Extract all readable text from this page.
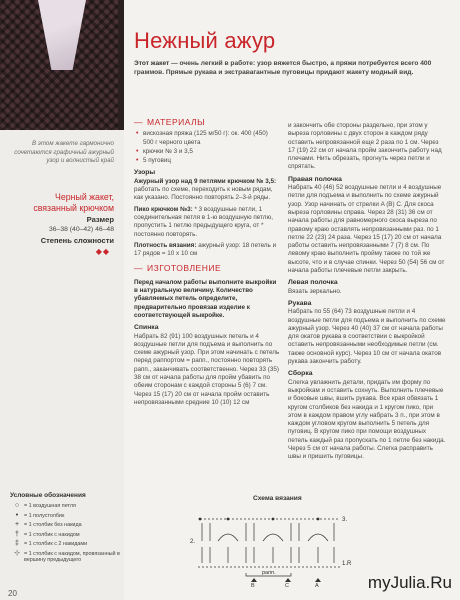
В этом жакете гармонично сочетаются графичный ажурный узор и волнистый край
Черный жакет, связанный крючком
Размер
36–38 (40–42) 46–48
Степень сложности
◆◆
Условные обозначения
○ = 1 воздушная петля
•	= 1 полустолбик
+ = 1 столбик без накида
† = 1 столбик с накидом
‡ = 1 столбик с 2 накидами
⊹ = 1 столбик с накидом, провязанный в вершину предыдущего
20
Нежный ажур
Этот жакет — очень легкий в работе: узор вяжется быстро, а пряжи потребуется всего 400 граммов. Прямые рукава и экстравагантные пуговицы придают жакету модный вид.
— МАТЕРИАЛЫ
• вискозная пряжа (125 м/50 г): ок. 400 (450) 500 г черного цвета
• крючки № 3 и 3,5
• 5 пуговиц
Узоры
Ажурный узор над 9 петлями крючком № 3,5: работать по схеме, переходить к новым рядам, как указано. Постоянно повторять 2–3-й ряды.
Пико крючком №3: * 3 воздушные петли, 1 соединительная петля в 1-ю воздушную петлю, пропустить 1 петлю предыдущего круга, от * постоянно повторять.
Плотность вязания: ажурный узор: 18 петель и 17 рядов = 10 х 10 см
— ИЗГОТОВЛЕНИЕ
Перед началом работы выполните выкройки в натуральную величину. Количество убавляемых петель определите, предварительно провязав изделие к соответствующей выкройке.
Спинка
Набрать 82 (91) 100 воздушных петель и 4 воздушные петли для подъема и выполнить по схеме ажурный узор. При этом начинать с петель перед раппортом = рапп., постоянно повторять рапп., заканчивать соответственно. Через 33 (35) 38 см от начала работы для пройм убавить по обеим сторонам с каждой стороны 5 (6) 7 см. Через 15 (17) 20 см от начала пройм оставить непровязанными средние 10 (10) 12 см
и закончить обе стороны раздельно, при этом у выреза горловины с двух сторон в каждом ряду оставить непровязанной еще 2 раза по 1 см. Через 17 (19) 22 см от начала пройм закончить работу над плечами. Нить обрезать, прогнуть через петли и спрятать.
Правая полочка
Набрать 40 (46) 52 воздушные петли и 4 воздушные петли для подъема и выполнить по схеме ажурный узор. Узор начинать от стрелки A (B) C. Для скоса выреза горловины справа. Через 28 (31) 36 см от начала работы для равномерного скоса выреза по правому краю оставлять непровязанными раз. по 1 петле 22 (23) 24 раза. Через 15 (17) 20 см от начала работы оставить непровязанными 7 (7) 8 см. По левому краю выполнить пройму также по той же высоте, что и в случае спинки. Через 50 (54) 56 см от начала работы плечевые петли закрыть.
Левая полочка
Вязать зеркально.
Рукава
Набрать по 55 (64) 73 воздушные петли и 4 воздушные петли для подъема и выполнить по схеме ажурный узор. Через 40 (40) 37 см от начала работы для окатов рукава в соответствии с выкройкой оставить непровязанными необходимые петли (см. также основной курс). Через 10 см от начала окатов рукава закончить работу.
Сборка
Слегка увлажнить детали, придать им форму по выкройкам и оставить сохнуть. Выполнить плечевые и боковые швы, вшить рукава. Все края обвязать 1 кругом столбиков без накида и 1 кругом пико, при этом в каждом правом углу набрать 3 п., при этом в каждом угловом кругом выполнить 5 петель для пуговиц. В кругом пико при помощи воздушных петель каждый раз пропускать по 1 петле без накида. Через 5 см от начала работы. Слегка расправить швы и пришить пуговицы.
Схема вязания
3.
2.
1.R
рапп.
B	C	A	myJulia.Ru
